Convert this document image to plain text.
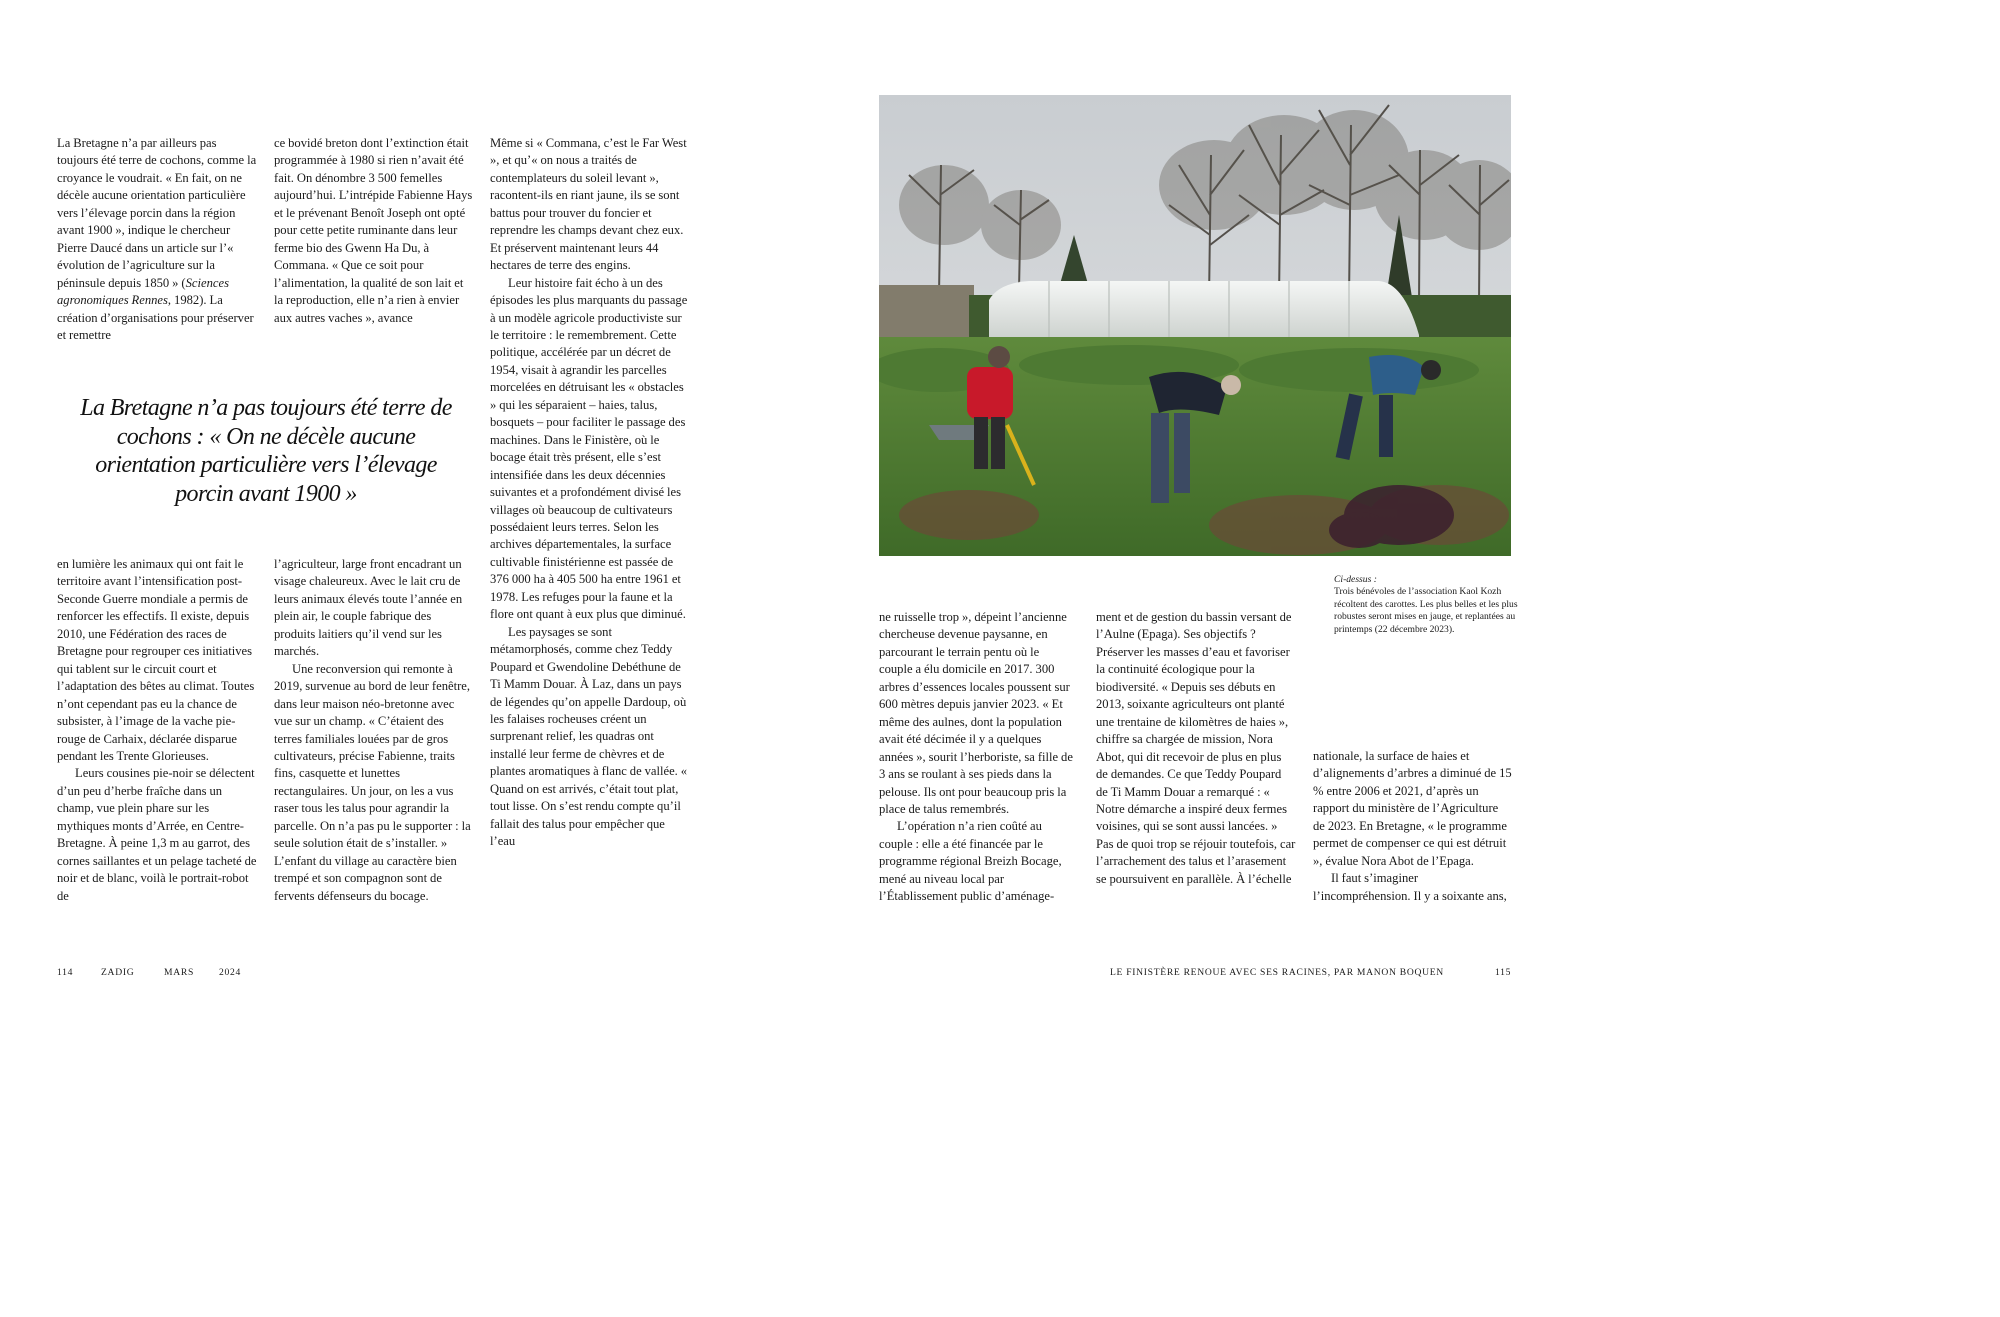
La Bretagne n’a par ailleurs pas toujours été terre de cochons, comme la croyance le voudrait. « En fait, on ne décèle aucune orientation particulière vers l’élevage porcin dans la région avant 1900 », indique le chercheur Pierre Daucé dans un article sur l’« évolution de l’agriculture sur la péninsule depuis 1850 » (Sciences agronomiques Rennes, 1982). La création d’organisations pour préserver et remettre

ce bovidé breton dont l’extinction était programmée à 1980 si rien n’avait été fait. On dénombre 3 500 femelles aujourd’hui. L’intrépide Fabienne Hays et le prévenant Benoît Joseph ont opté pour cette petite ruminante dans leur ferme bio des Gwenn Ha Du, à Commana. « Que ce soit pour l’alimentation, la qualité de son lait et la reproduction, elle n’a rien à envier aux autres vaches », avance

La Bretagne n’a pas toujours été terre de cochons : « On ne décèle aucune orientation particulière vers l’élevage porcin avant 1900 »

en lumière les animaux qui ont fait le territoire avant l’intensification post-Seconde Guerre mondiale a permis de renforcer les effectifs. Il existe, depuis 2010, une Fédération des races de Bretagne pour regrouper ces initiatives qui tablent sur le circuit court et l’adaptation des bêtes au climat. Toutes n’ont cependant pas eu la chance de subsister, à l’image de la vache pie-rouge de Carhaix, déclarée disparue pendant les Trente Glorieuses.

Leurs cousines pie-noir se délectent d’un peu d’herbe fraîche dans un champ, vue plein phare sur les mythiques monts d’Arrée, en Centre-Bretagne. À peine 1,3 m au garrot, des cornes saillantes et un pelage tacheté de noir et de blanc, voilà le portrait-robot de

l’agriculteur, large front encadrant un visage chaleureux. Avec le lait cru de leurs animaux élevés toute l’année en plein air, le couple fabrique des produits laitiers qu’il vend sur les marchés.

Une reconversion qui remonte à 2019, survenue au bord de leur fenêtre, dans leur maison néo-bretonne avec vue sur un champ. « C’étaient des terres familiales louées par de gros cultivateurs, précise Fabienne, traits fins, casquette et lunettes rectangulaires. Un jour, on les a vus raser tous les talus pour agrandir la parcelle. On n’a pas pu le supporter : la seule solution était de s’installer. » L’enfant du village au caractère bien trempé et son compagnon sont de fervents défenseurs du bocage.

Même si « Commana, c’est le Far West », et qu’« on nous a traités de contemplateurs du soleil levant », racontent-ils en riant jaune, ils se sont battus pour trouver du foncier et reprendre les champs devant chez eux. Et préservent maintenant leurs 44 hectares de terre des engins.

Leur histoire fait écho à un des épisodes les plus marquants du passage à un modèle agricole productiviste sur le territoire : le remembrement. Cette politique, accélérée par un décret de 1954, visait à agrandir les parcelles morcelées en détruisant les « obstacles » qui les séparaient – haies, talus, bosquets – pour faciliter le passage des machines. Dans le Finistère, où le bocage était très présent, elle s’est intensifiée dans les deux décennies suivantes et a profondément divisé les villages où beaucoup de cultivateurs possédaient leurs terres. Selon les archives départementales, la surface cultivable finistérienne est passée de 376 000 ha à 405 500 ha entre 1961 et 1978. Les refuges pour la faune et la flore ont quant à eux plus que diminué.

Les paysages se sont métamorphosés, comme chez Teddy Poupard et Gwendoline Debéthune de Ti Mamm Douar. À Laz, dans un pays de légendes qu’on appelle Dardoup, où les falaises rocheuses créent un surprenant relief, les quadras ont installé leur ferme de chèvres et de plantes aromatiques à flanc de vallée. « Quand on est arrivés, c’était tout plat, tout lisse. On s’est rendu compte qu’il fallait des talus pour empêcher que l’eau

Ci-dessus :
Trois bénévoles de l’association Kaol Kozh récoltent des carottes. Les plus belles et les plus robustes seront mises en jauge, et replantées au printemps (22 décembre 2023).

ne ruisselle trop », dépeint l’ancienne chercheuse devenue paysanne, en parcourant le terrain pentu où le couple a élu domicile en 2017. 300 arbres d’essences locales poussent sur 600 mètres depuis janvier 2023. « Et même des aulnes, dont la population avait été décimée il y a quelques années », sourit l’herboriste, sa fille de 3 ans se roulant à ses pieds dans la pelouse. Ils ont pour beaucoup pris la place de talus remembrés.

L’opération n’a rien coûté au couple : elle a été financée par le programme régional Breizh Bocage, mené au niveau local par l’Établissement public d’aménage-

ment et de gestion du bassin versant de l’Aulne (Epaga). Ses objectifs ? Préserver les masses d’eau et favoriser la continuité écologique pour la biodiversité. « Depuis ses débuts en 2013, soixante agriculteurs ont planté une trentaine de kilomètres de haies », chiffre sa chargée de mission, Nora Abot, qui dit recevoir de plus en plus de demandes. Ce que Teddy Poupard de Ti Mamm Douar a remarqué : « Notre démarche a inspiré deux fermes voisines, qui se sont aussi lancées. » Pas de quoi trop se réjouir toutefois, car l’arrachement des talus et l’arasement se poursuivent en parallèle. À l’échelle

nationale, la surface de haies et d’alignements d’arbres a diminué de 15 % entre 2006 et 2021, d’après un rapport du ministère de l’Agriculture de 2023. En Bretagne, « le programme permet de compenser ce qui est détruit », évalue Nora Abot de l’Epaga.

Il faut s’imaginer l’incompréhension. Il y a soixante ans,

114	ZADIG	MARS	2024	LE FINISTÈRE RENOUE AVEC SES RACINES, PAR MANON BOQUEN	115
